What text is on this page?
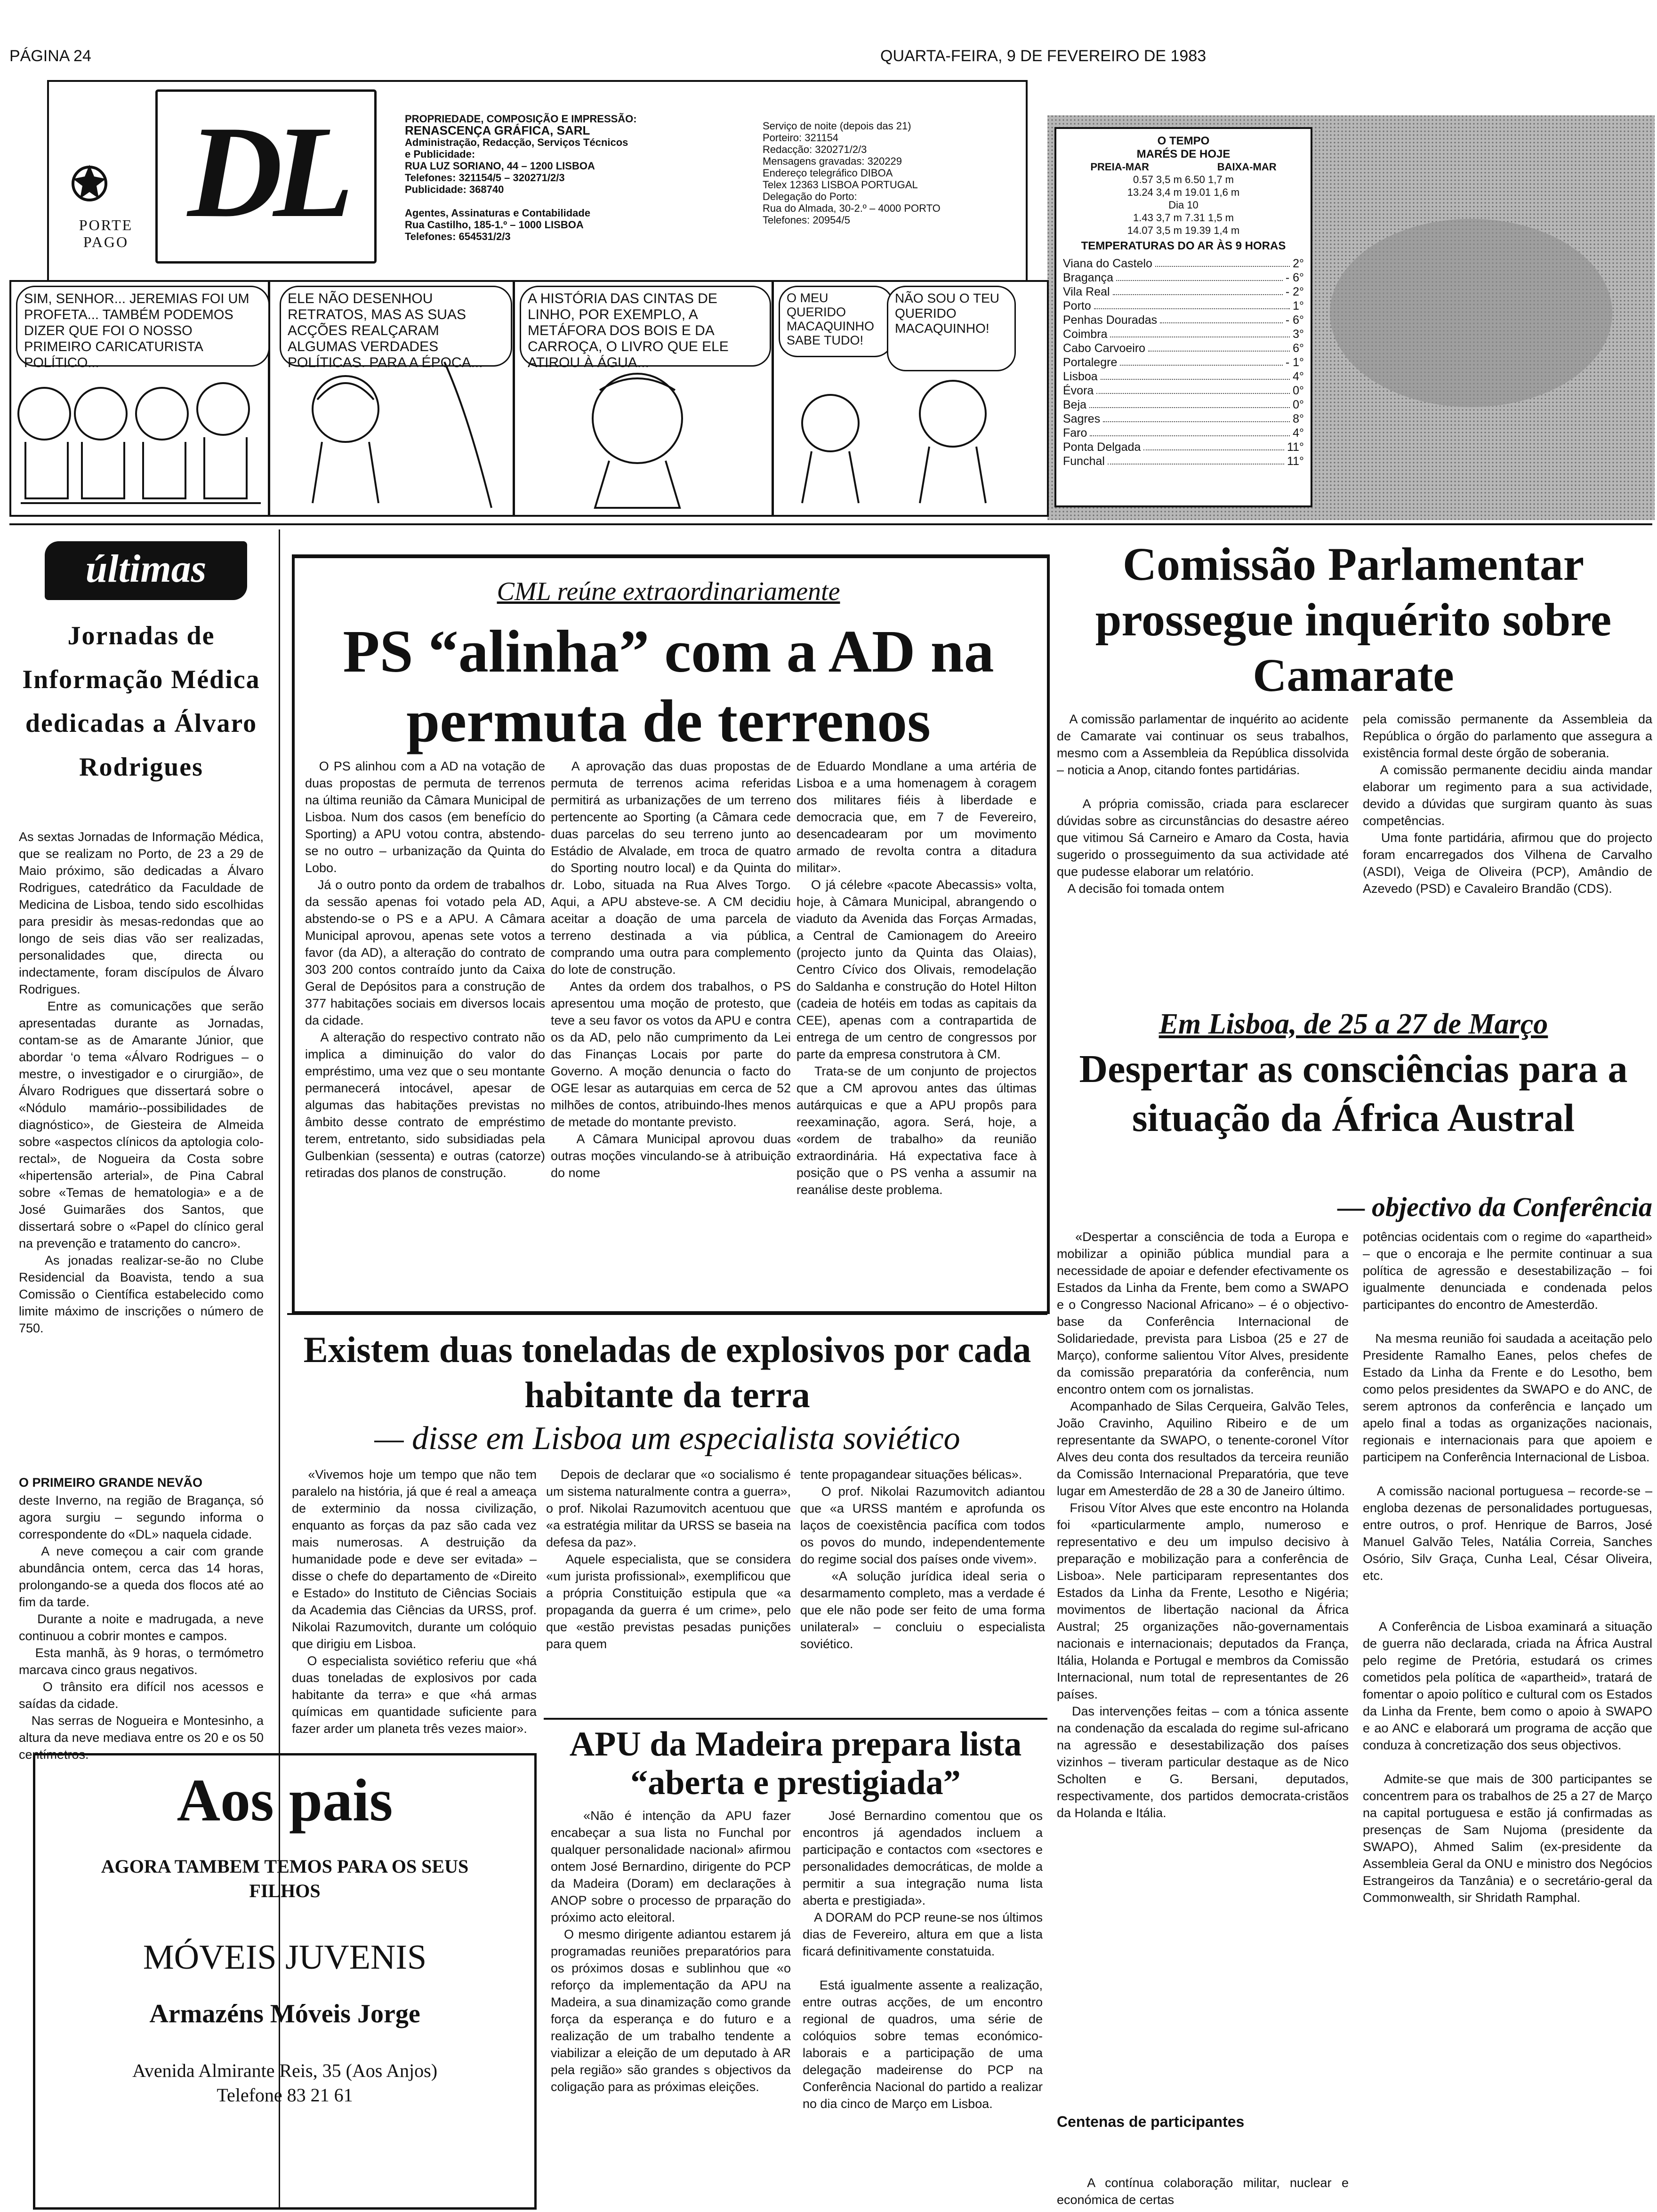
PÁGINA 24	QUARTA-FEIRA, 9 DE FEVEREIRO DE 1983
PORTE PAGO DL	PROPRIEDADE, COMPOSIÇÃO E IMPRESSÃO:
RENASCENÇA GRÁFICA, SARL
Administração, Redacção, Serviços Técnicos
e Publicidade:
RUA LUZ SORIANO, 44 – 1200 LISBOA
Telefones: 321154/5 – 320271/2/3
Publicidade: 368740

Agentes, Assinaturas e Contabilidade
Rua Castilho, 185-1.º – 1000 LISBOA
Telefones: 654531/2/3
Serviço de noite (depois das 21)
Porteiro: 321154
Redacção: 320271/2/3
Mensagens gravadas: 320229
Endereço telegráfico DIBOA
Telex 12363 LISBOA PORTUGAL
Delegação do Porto:
Rua do Almada, 30-2.º – 4000 PORTO
Telefones: 20954/5
O TEMPO
MARÉS DE HOJE
PREIA-MAR	BAIXA-MAR
0.57 3,5 m 6.50 1,7 m
13.24 3,4 m 19.01 1,6 m
Dia 10
1.43 3,7 m 7.31 1,5 m
14.07 3,5 m 19.39 1,4 m
TEMPERATURAS DO AR ÀS 9 HORAS
Viana do Castelo	2°
Bragança	- 6°
Vila Real	- 2°
Porto	1°
Penhas Douradas	- 6°
Coimbra	3°
Cabo Carvoeiro	6°
Portalegre	- 1°
Lisboa	4°
Évora	0°
Beja	0°
Sagres	8°
Faro	4°
Ponta Delgada	11°
Funchal	11°
SIM, SENHOR... JEREMIAS FOI UM PROFETA... TAMBÉM PODEMOS DIZER QUE FOI O NOSSO PRIMEIRO CARICATURISTA POLÍTICO...
ELE NÃO DESENHOU RETRATOS, MAS AS SUAS ACÇÕES REALÇARAM ALGUMAS VERDADES POLÍTICAS. PARA A ÉPOCA...
A HISTÓRIA DAS CINTAS DE LINHO, POR EXEMPLO, A METÁFORA DOS BOIS E DA CARROÇA, O LIVRO QUE ELE ATIROU À ÁGUA...
O MEU QUERIDO MACAQUINHO SABE TUDO!
NÃO SOU O TEU QUERIDO MACAQUINHO!
últimas
Jornadas de Informação Médica dedicadas a Álvaro Rodrigues
As sextas Jornadas de Informação Médica, que se realizam no Porto, de 23 a 29 de Maio próximo, são dedicadas a Álvaro Rodrigues, catedrático da Faculdade de Medicina de Lisboa, tendo sido escolhidas para presidir às mesas-redondas que ao longo de seis dias vão ser realizadas, personalidades que, directa ou indectamente, foram discípulos de Álvaro Rodrigues.
Entre as comunicações que serão apresentadas durante as Jornadas, contam-se as de Amarante Júnior, que abordar ‘o tema «Álvaro Rodrigues – o mestre, o investigador e o cirurgião», de Álvaro Rodrigues que dissertará sobre o «Nódulo mamário--possibilidades de diagnóstico», de Giesteira de Almeida sobre «aspectos clínicos da aptologia colo-rectal», de Nogueira da Costa sobre «hipertensão arterial», de Pina Cabral sobre «Temas de hematologia» e a de José Guimarães dos Santos, que dissertará sobre o «Papel do clínico geral na prevenção e tratamento do cancro».
As jonadas realizar-se-ão no Clube Residencial da Boavista, tendo a sua Comissão o Científica estabelecido como limite máximo de inscrições o número de 750.
O PRIMEIRO GRANDE NEVÃO
deste Inverno, na região de Bragança, só agora surgiu – segundo informa o correspondente do «DL» naquela cidade.
A neve começou a cair com grande abundância ontem, cerca das 14 horas, prolongando-se a queda dos flocos até ao fim da tarde.
Durante a noite e madrugada, a neve continuou a cobrir montes e campos.
Esta manhã, às 9 horas, o termómetro marcava cinco graus negativos.
O trânsito era difícil nos acessos e saídas da cidade.
Nas serras de Nogueira e Montesinho, a altura da neve mediava entre os 20 e os 50 centímetros.
CML reúne extraordinariamente
PS “alinha” com a AD na permuta de terrenos
O PS alinhou com a AD na votação de duas propostas de permuta de terrenos na última reunião da Câmara Municipal de Lisboa. Num dos casos (em benefício do Sporting) a APU votou contra, abstendo-se no outro – urbanização da Quinta do Lobo.
Já o outro ponto da ordem de trabalhos da sessão apenas foi votado pela AD, abstendo-se o PS e a APU. A Câmara Municipal aprovou, apenas sete votos a favor (da AD), a alteração do contrato de 303 200 contos contraído junto da Caixa Geral de Depósitos para a construção de 377 habitações sociais em diversos locais da cidade.
A alteração do respectivo contrato não implica a diminuição do valor do empréstimo, uma vez que o seu montante permanecerá intocável, apesar de algumas das habitações previstas no âmbito desse contrato de empréstimo terem, entretanto, sido subsidiadas pela Gulbenkian (sessenta) e outras (catorze) retiradas dos planos de construção.
A aprovação das duas propostas de permuta de terrenos acima referidas permitirá as urbanizações de um terreno pertencente ao Sporting (a Câmara cede duas parcelas do seu terreno junto ao Estádio de Alvalade, em troca de quatro do Sporting noutro local) e da Quinta do dr. Lobo, situada na Rua Alves Torgo. Aqui, a APU absteve-se. A CM decidiu aceitar a doação de uma parcela de terreno destinada a via pública, comprando uma outra para complemento do lote de construção.
Antes da ordem dos trabalhos, o PS apresentou uma moção de protesto, que teve a seu favor os votos da APU e contra os da AD, pelo não cumprimento da Lei das Finanças Locais por parte do Governo. A moção denuncia o facto do OGE lesar as autarquias em cerca de 52 milhões de contos, atribuindo-lhes menos de metade do montante previsto.
A Câmara Municipal aprovou duas outras moções vinculando-se à atribuição do nome
de Eduardo Mondlane a uma artéria de Lisboa e a uma homenagem à coragem dos militares fiéis à liberdade e democracia que, em 7 de Fevereiro, desencadearam por um movimento armado de revolta contra a ditadura militar».
O já célebre «pacote Abecassis» volta, hoje, à Câmara Municipal, abrangendo o viaduto da Avenida das Forças Armadas, a Central de Camionagem do Areeiro (projecto junto da Quinta das Olaias), Centro Cívico dos Olivais, remodelação do Saldanha e construção do Hotel Hilton (cadeia de hotéis em todas as capitais da CEE), apenas com a contrapartida de entrega de um centro de congressos por parte da empresa construtora à CM.
Trata-se de um conjunto de projectos que a CM aprovou antes das últimas autárquicas e que a APU propôs para reexaminação, agora. Será, hoje, a «ordem de trabalho» da reunião extraordinária. Há expectativa face à posição que o PS venha a assumir na reanálise deste problema.
Comissão Parlamentar prossegue inquérito sobre Camarate
A comissão parlamentar de inquérito ao acidente de Camarate vai continuar os seus trabalhos, mesmo com a Assembleia da República dissolvida – noticia a Anop, citando fontes partidárias.

A própria comissão, criada para esclarecer dúvidas sobre as circunstâncias do desastre aéreo que vitimou Sá Carneiro e Amaro da Costa, havia sugerido o prosseguimento da sua actividade até que pudesse elaborar um relatório.
A decisão foi tomada ontem
pela comissão permanente da Assembleia da República o órgão do parlamento que assegura a existência formal deste órgão de soberania.
A comissão permanente decidiu ainda mandar elaborar um regimento para a sua actividade, devido a dúvidas que surgiram quanto às suas competências.
Uma fonte partidária, afirmou que do projecto foram encarregados dos Vilhena de Carvalho (ASDI), Veiga de Oliveira (PCP), Amândio de Azevedo (PSD) e Cavaleiro Brandão (CDS).
Em Lisboa, de 25 a 27 de Março
Despertar as consciências para a situação da África Austral
— objectivo da Conferência
«Despertar a consciência de toda a Europa e mobilizar a opinião pública mundial para a necessidade de apoiar e defender efectivamente os Estados da Linha da Frente, bem como a SWAPO e o Congresso Nacional Africano» – é o objectivo-base da Conferência Internacional de Solidariedade, prevista para Lisboa (25 e 27 de Março), conforme salientou Vítor Alves, presidente da comissão preparatória da conferência, num encontro ontem com os jornalistas.
Acompanhado de Silas Cerqueira, Galvão Teles, João Cravinho, Aquilino Ribeiro e de um representante da SWAPO, o tenente-coronel Vítor Alves deu conta dos resultados da terceira reunião da Comissão Internacional Preparatória, que teve lugar em Amesterdão de 28 a 30 de Janeiro último.
Frisou Vítor Alves que este encontro na Holanda foi «particularmente amplo, numeroso e representativo e deu um impulso decisivo à preparação e mobilização para a conferência de Lisboa». Nele participaram representantes dos Estados da Linha da Frente, Lesotho e Nigéria; movimentos de libertação nacional da África Austral; 25 organizações não-governamentais nacionais e internacionais; deputados da França, Itália, Holanda e Portugal e membros da Comissão Internacional, num total de representantes de 26 países.
Das intervenções feitas – com a tónica assente na condenação da escalada do regime sul-africano na agressão e desestabilização dos países vizinhos – tiveram particular destaque as de Nico Scholten e G. Bersani, deputados, respectivamente, dos partidos democrata-cristãos da Holanda e Itália.
Centenas de participantes
A contínua colaboração militar, nuclear e económica de certas
potências ocidentais com o regime do «apartheid» – que o encoraja e lhe permite continuar a sua política de agressão e desestabilização – foi igualmente denunciada e condenada pelos participantes do encontro de Amesterdão.

Na mesma reunião foi saudada a aceitação pelo Presidente Ramalho Eanes, pelos chefes de Estado da Linha da Frente e do Lesotho, bem como pelos presidentes da SWAPO e do ANC, de serem aptronos da conferência e lançado um apelo final a todas as organizações nacionais, regionais e internacionais para que apoiem e participem na Conferência Internacional de Lisboa.

A comissão nacional portuguesa – recorde-se – engloba dezenas de personalidades portuguesas, entre outros, o prof. Henrique de Barros, José Manuel Galvão Teles, Natália Correia, Sanches Osório, Silv Graça, Cunha Leal, César Oliveira, etc.

A Conferência de Lisboa examinará a situação de guerra não declarada, criada na África Austral pelo regime de Pretória, estudará os crimes cometidos pela política de «apartheid», tratará de fomentar o apoio político e cultural com os Estados da Linha da Frente, bem como o apoio à SWAPO e ao ANC e elaborará um programa de acção que conduza à concretização dos seus objectivos.

Admite-se que mais de 300 participantes se concentrem para os trabalhos de 25 a 27 de Março na capital portuguesa e estão já confirmadas as presenças de Sam Nujoma (presidente da SWAPO), Ahmed Salim (ex-presidente da Assembleia Geral da ONU e ministro dos Negócios Estrangeiros da Tanzânia) e o secretário-geral da Commonwealth, sir Shridath Ramphal.
Existem duas toneladas de explosivos por cada habitante da terra
— disse em Lisboa um especialista soviético
«Vivemos hoje um tempo que não tem paralelo na história, já que é real a ameaça de exterminio da nossa civilização, enquanto as forças da paz são cada vez mais numerosas. A destruição da humanidade pode e deve ser evitada» – disse o chefe do departamento de «Direito e Estado» do Instituto de Ciências Sociais da Academia das Ciências da URSS, prof. Nikolai Razumovitch, durante um colóquio que dirigiu em Lisboa.
O especialista soviético referiu que «há duas toneladas de explosivos por cada habitante da terra» e que «há armas químicas em quantidade suficiente para fazer arder um planeta três vezes maior».
Depois de declarar que «o socialismo é um sistema naturalmente contra a guerra», o prof. Nikolai Razumovitch acentuou que «a estratégia militar da URSS se baseia na defesa da paz».
Aquele especialista, que se considera «um jurista profissional», exemplificou que a própria Constituição estipula que «a propaganda da guerra é um crime», pelo que «estão previstas pesadas punições para quem
tente propagandear situações bélicas».
O prof. Nikolai Razumovitch adiantou que «a URSS mantém e aprofunda os laços de coexistência pacífica com todos os povos do mundo, independentemente do regime social dos países onde vivem».
«A solução jurídica ideal seria o desarmamento completo, mas a verdade é que ele não pode ser feito de uma forma unilateral» – concluiu o especialista soviético.
APU da Madeira prepara lista “aberta e prestigiada”
«Não é intenção da APU fazer encabeçar a sua lista no Funchal por qualquer personalidade nacional» afirmou ontem José Bernardino, dirigente do PCP da Madeira (Doram) em declarações à ANOP sobre o processo de prparação do próximo acto eleitoral.
O mesmo dirigente adiantou estarem já programadas reuniões preparatórios para os próximos dosas e sublinhou que «o reforço da implementação da APU na Madeira, a sua dinamização como grande força da esperança e do futuro e a realização de um trabalho tendente a viabilizar a eleição de um deputado à AR pela região» são grandes s objectivos da coligação para as próximas eleições.
José Bernardino comentou que os encontros já agendados incluem a participação e contactos com «sectores e personalidades democráticas, de molde a permitir a sua integração numa lista aberta e prestigiada».
A DORAM do PCP reune-se nos últimos dias de Fevereiro, altura em que a lista ficará definitivamente constatuida.

Está igualmente assente a realização, entre outras acções, de um encontro regional de quadros, uma série de colóquios sobre temas económico-laborais e a participação de uma delegação madeirense do PCP na Conferência Nacional do partido a realizar no dia cinco de Março em Lisboa.
Aos pais
AGORA TAMBEM TEMOS PARA OS SEUS FILHOS
MÓVEIS JUVENIS
Armazéns Móveis Jorge
Avenida Almirante Reis, 35 (Aos Anjos)
Telefone 83 21 61
